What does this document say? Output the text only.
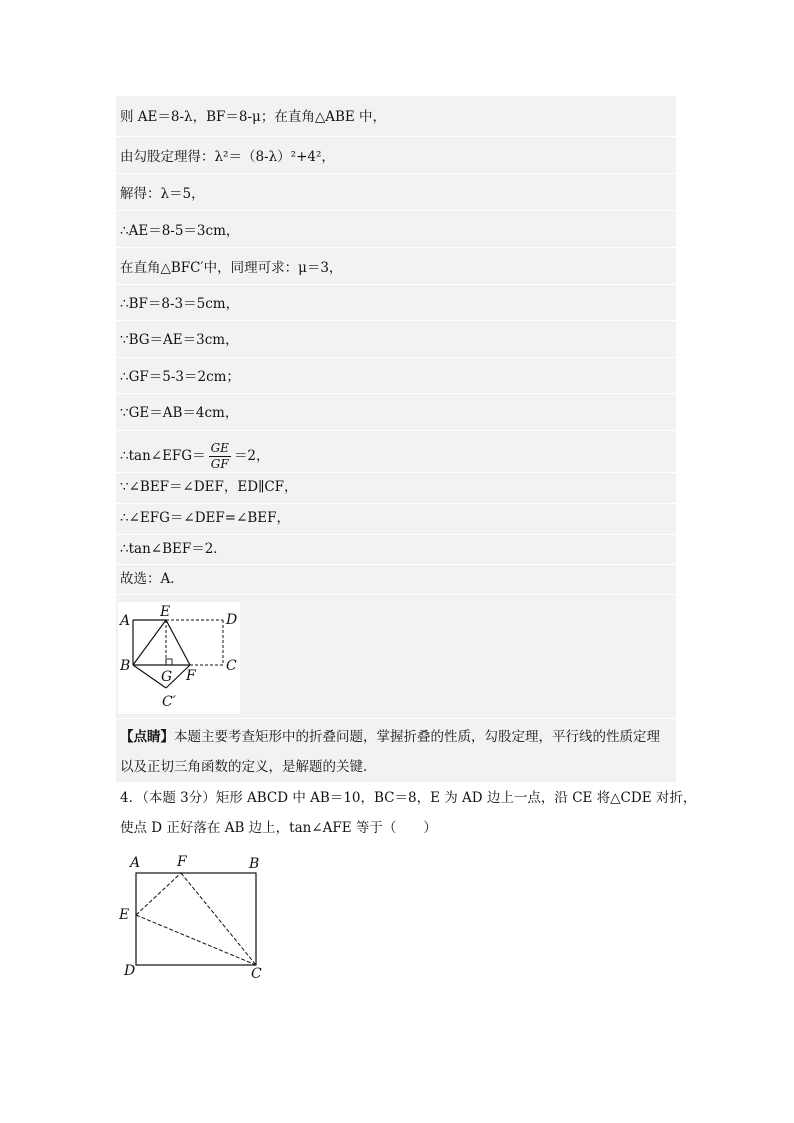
则 AE＝8-λ，BF＝8-μ；在直角△ABE 中，
由勾股定理得：λ²＝（8-λ）²+4²，
解得：λ＝5，
∴AE＝8-5＝3cm，
在直角△BFC′中，同理可求：μ＝3，
∴BF＝8-3＝5cm，
∵BG＝AE＝3cm，
∴GF＝5-3＝2cm；
∵GE＝AB＝4cm，
∴tan∠EFG＝ $\frac{GE}{GF} =2$，
∵∠BEF＝∠DEF，ED∥CF，
∴∠EFG＝∠DEF=∠BEF，
∴tan∠BEF＝2．
故选：A．
A
E	D
B
G F
C
C′
【点睛】本题主要考查矩形中的折叠问题，掌握折叠的性质，勾股定理，平行线的性质定理
以及正切三角函数的定义，是解题的关键．
4．（本题 3分）矩形 ABCD 中 AB＝10，BC＝8，E 为 AD 边上一点，沿 CE 将△CDE 对折，
使点 D 正好落在 AB 边上，tan∠AFE 等于（　　）
A	F	B
E
D	C
